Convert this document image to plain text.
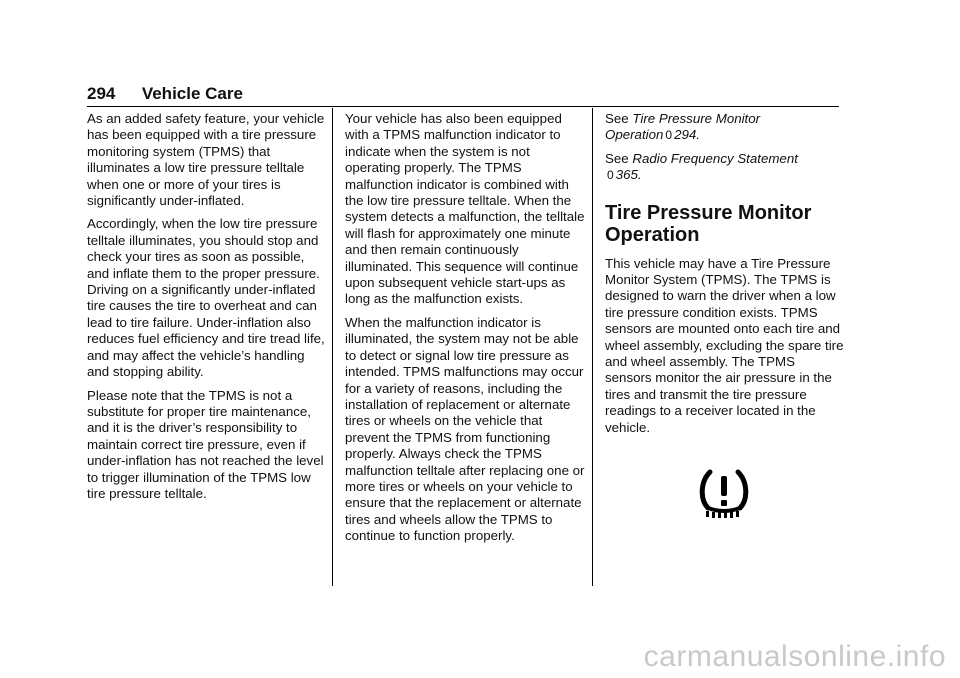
294 Vehicle Care

As an added safety feature, your vehicle has been equipped with a tire pressure monitoring system (TPMS) that illuminates a low tire pressure telltale when one or more of your tires is significantly under-inflated.

Accordingly, when the low tire pressure telltale illuminates, you should stop and check your tires as soon as possible, and inflate them to the proper pressure. Driving on a significantly under-inflated tire causes the tire to overheat and can lead to tire failure. Under-inflation also reduces fuel efficiency and tire tread life, and may affect the vehicle’s handling and stopping ability.

Please note that the TPMS is not a substitute for proper tire maintenance, and it is the driver’s responsibility to maintain correct tire pressure, even if under-inflation has not reached the level to trigger illumination of the TPMS low tire pressure telltale.

Your vehicle has also been equipped with a TPMS malfunction indicator to indicate when the system is not operating properly. The TPMS malfunction indicator is combined with the low tire pressure telltale. When the system detects a malfunction, the telltale will flash for approximately one minute and then remain continuously illuminated. This sequence will continue upon subsequent vehicle start-ups as long as the malfunction exists.

When the malfunction indicator is illuminated, the system may not be able to detect or signal low tire pressure as intended. TPMS malfunctions may occur for a variety of reasons, including the installation of replacement or alternate tires or wheels on the vehicle that prevent the TPMS from functioning properly. Always check the TPMS malfunction telltale after replacing one or more tires or wheels on your vehicle to ensure that the replacement or alternate tires and wheels allow the TPMS to continue to function properly.

See Tire Pressure Monitor Operation 0 294.

See Radio Frequency Statement
0 365.

Tire Pressure Monitor Operation

This vehicle may have a Tire Pressure Monitor System (TPMS). The TPMS is designed to warn the driver when a low tire pressure condition exists. TPMS sensors are mounted onto each tire and wheel assembly, excluding the spare tire and wheel assembly. The TPMS sensors monitor the air pressure in the tires and transmit the tire pressure readings to a receiver located in the vehicle.

carmanualsonline.info
